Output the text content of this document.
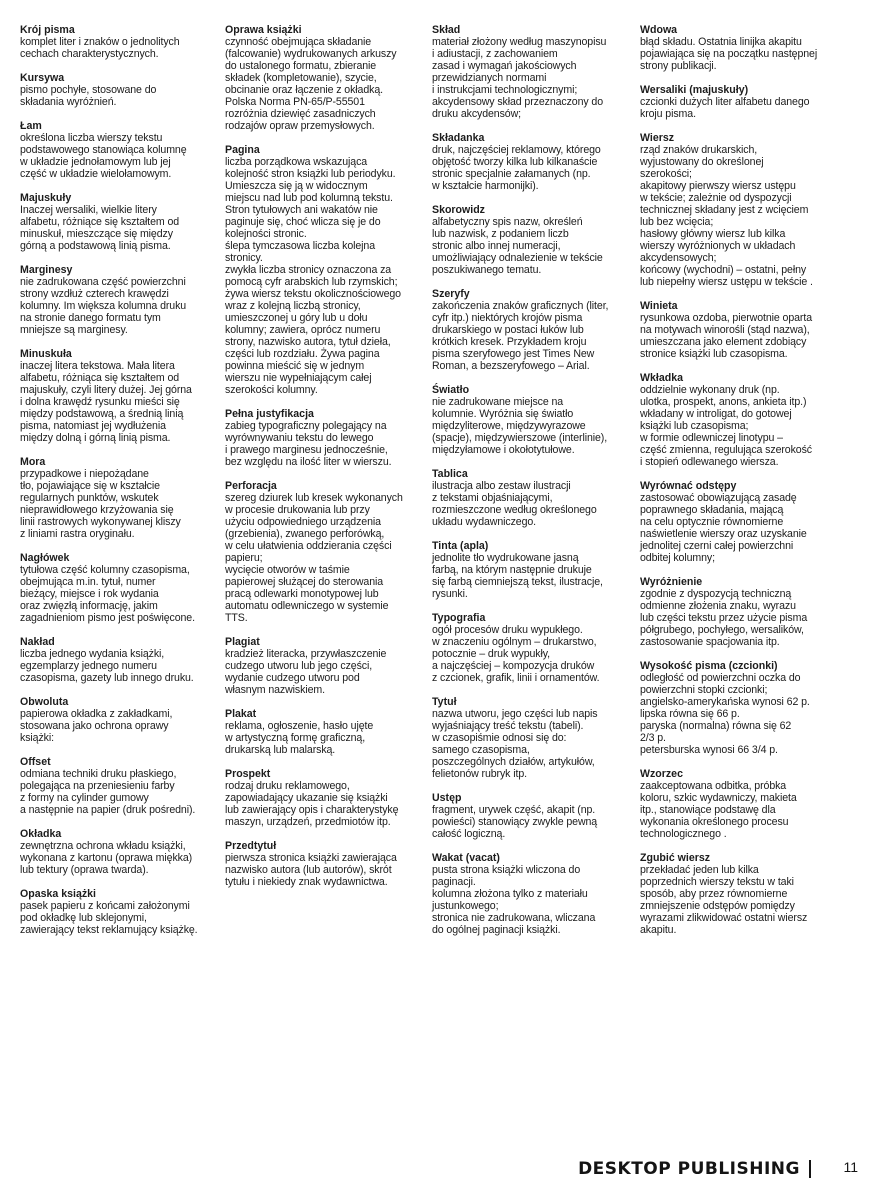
Krój pisma

komplet liter i znaków o jednolitych
cechach charakterystycznych.

Kursywa

pismo pochyłe, stosowane do
składania wyróżnień.

Łam

określona liczba wierszy tekstu
podstawowego stanowiąca kolumnę
w układzie jednołamowym lub jej
część w układzie wielołamowym.

Majuskuły

Inaczej wersaliki, wielkie litery
alfabetu, różniące się kształtem od
minuskuł, mieszczące się między
górną a podstawową linią pisma.

Marginesy

nie zadrukowana część powierzchni
strony wzdłuż czterech krawędzi
kolumny. Im większa kolumna druku
na stronie danego formatu tym
mniejsze są marginesy.

Minuskuła

inaczej litera tekstowa. Mała litera
alfabetu, różniąca się kształtem od
majuskuły, czyli litery dużej. Jej górna
i dolna krawędź rysunku mieści się
między podstawową, a średnią linią
pisma, natomiast jej wydłużenia
między dolną i górną linią pisma.

Mora

przypadkowe i niepożądane
tło, pojawiające się w kształcie
regularnych punktów, wskutek
nieprawidłowego krzyżowania się
linii rastrowych wykonywanej kliszy
z liniami rastra oryginału.

Nagłówek

tytułowa część kolumny czasopisma,
obejmująca m.in. tytuł, numer
bieżący, miejsce i rok wydania
oraz zwięzłą informację, jakim
zagadnieniom pismo jest poświęcone.

Nakład

liczba jednego wydania książki,
egzemplarzy jednego numeru
czasopisma, gazety lub innego druku.

Obwoluta

papierowa okładka z zakładkami,
stosowana jako ochrona oprawy
książki:

Offset

odmiana techniki druku płaskiego,
polegająca na przeniesieniu farby
z formy na cylinder gumowy
a następnie na papier (druk pośredni).

Okładka

zewnętrzna ochrona wkładu książki,
wykonana z kartonu (oprawa miękka)
lub tektury (oprawa twarda).

Opaska książki

pasek papieru z końcami założonymi
pod okładkę lub sklejonymi,
zawierający tekst reklamujący książkę.

Oprawa książki

czynność obejmująca składanie
(falcowanie) wydrukowanych arkuszy
do ustalonego formatu, zbieranie
składek (kompletowanie), szycie,
obcinanie oraz łączenie z okładką.
Polska Norma PN-65/P-55501
rozróżnia dziewięć zasadniczych
rodzajów opraw przemysłowych.

Pagina

liczba porządkowa wskazująca
kolejność stron książki lub periodyku.
Umieszcza się ją w widocznym
miejscu nad lub pod kolumną tekstu.
Stron tytułowych ani wakatów nie
paginuje się, choć wlicza się je do
kolejności stronic.
ślepa tymczasowa liczba kolejna
stronicy.
zwykła liczba stronicy oznaczona za
pomocą cyfr arabskich lub rzymskich;
żywa wiersz tekstu okolicznościowego
wraz z kolejną liczbą stronicy,
umieszczonej u góry lub u dołu
kolumny; zawiera, oprócz numeru
strony, nazwisko autora, tytuł dzieła,
części lub rozdziału. Żywa pagina
powinna mieścić się w jednym
wierszu nie wypełniającym całej
szerokości kolumny.

Pełna justyfikacja

zabieg typograficzny polegający na
wyrównywaniu tekstu do lewego
i prawego marginesu jednocześnie,
bez względu na ilość liter w wierszu.

Perforacja

szereg dziurek lub kresek wykonanych
w procesie drukowania lub przy
użyciu odpowiedniego urządzenia
(grzebienia), zwanego perforówką,
w celu ułatwienia oddzierania części
papieru;
wycięcie otworów w taśmie
papierowej służącej do sterowania
pracą odlewarki monotypowej lub
automatu odlewniczego w systemie
TTS.

Plagiat

kradzież literacka, przywłaszczenie
cudzego utworu lub jego części,
wydanie cudzego utworu pod
własnym nazwiskiem.

Plakat

reklama, ogłoszenie, hasło ujęte
w artystyczną formę graficzną,
drukarską lub malarską.

Prospekt

rodzaj druku reklamowego,
zapowiadający ukazanie się książki
lub zawierający opis i charakterystykę
maszyn, urządzeń, przedmiotów itp.

Przedtytuł

pierwsza stronica książki zawierająca
nazwisko autora (lub autorów), skrót
tytułu i niekiedy znak wydawnictwa.

Skład

materiał złożony według maszynopisu
i adiustacji, z zachowaniem
zasad i wymagań jakościowych
przewidzianych normami
i instrukcjami technologicznymi;
akcydensowy skład przeznaczony do
druku akcydensów;

Składanka

druk, najczęściej reklamowy, którego
objętość tworzy kilka lub kilkanaście
stronic specjalnie załamanych (np.
w kształcie harmonijki).

Skorowidz

alfabetyczny spis nazw, określeń
lub nazwisk, z podaniem liczb
stronic albo innej numeracji,
umożliwiający odnalezienie w tekście
poszukiwanego tematu.

Szeryfy

zakończenia znaków graficznych (liter,
cyfr itp.) niektórych krojów pisma
drukarskiego w postaci łuków lub
krótkich kresek. Przykładem kroju
pisma szeryfowego jest Times New
Roman, a bezszeryfowego – Arial.

Światło

nie zadrukowane miejsce na
kolumnie. Wyróżnia się światło
międzyliterowe, międzywyrazowe
(spacje), międzywierszowe (interlinie),
międzyłamowe i okołotytułowe.

Tablica

ilustracja albo zestaw ilustracji
z tekstami objaśniającymi,
rozmieszczone według określonego
układu wydawniczego.

Tinta (apla)

jednolite tło wydrukowane jasną
farbą, na którym następnie drukuje
się farbą ciemniejszą tekst, ilustracje,
rysunki.

Typografia

ogół procesów druku wypukłego.
w znaczeniu ogólnym – drukarstwo,
potocznie – druk wypukły,
a najczęściej – kompozycja druków
z czcionek, grafik, linii i ornamentów.

Tytuł

nazwa utworu, jego części lub napis
wyjaśniający treść tekstu (tabeli).
w czasopiśmie odnosi się do:
samego czasopisma,
poszczególnych działów, artykułów,
felietonów rubryk itp.

Ustęp

fragment, urywek część, akapit (np.
powieści) stanowiący zwykle pewną
całość logiczną.

Wakat (vacat)

pusta strona książki wliczona do
paginacji.
kolumna złożona tylko z materiału
justunkowego;
stronica nie zadrukowana, wliczana
do ogólnej paginacji książki.

Wdowa

błąd składu. Ostatnia linijka akapitu
pojawiająca się na początku następnej
strony publikacji.

Wersaliki (majuskuły)

czcionki dużych liter alfabetu danego
kroju pisma.

Wiersz

rząd znaków drukarskich,
wyjustowany do określonej
szerokości;
akapitowy pierwszy wiersz ustępu
w tekście; zależnie od dyspozycji
technicznej składany jest z wcięciem
lub bez wcięcia;
hasłowy główny wiersz lub kilka
wierszy wyróżnionych w układach
akcydensowych;
końcowy (wychodni) – ostatni, pełny
lub niepełny wiersz ustępu w tekście .

Winieta

rysunkowa ozdoba, pierwotnie oparta
na motywach winorośli (stąd nazwa),
umieszczana jako element zdobiący
stronice książki lub czasopisma.

Wkładka

oddzielnie wykonany druk (np.
ulotka, prospekt, anons, ankieta itp.)
wkładany w introligat, do gotowej
książki lub czasopisma;
w formie odlewniczej linotypu –
część zmienna, regulująca szerokość
i stopień odlewanego wiersza.

Wyrównać odstępy

zastosować obowiązującą zasadę
poprawnego składania, mającą
na celu optycznie równomierne
naświetlenie wierszy oraz uzyskanie
jednolitej czerni całej powierzchni
odbitej kolumny;

Wyróżnienie

zgodnie z dyspozycją techniczną
odmienne złożenia znaku, wyrazu
lub części tekstu przez użycie pisma
półgrubego, pochyłego, wersalików,
zastosowanie spacjowania itp.

Wysokość pisma (czcionki)

odległość od powierzchni oczka do
powierzchni stopki czcionki;
angielsko-amerykańska wynosi 62 p.
lipska równa się 66 p.
paryska (normalna) równa się 62
2/3 p.
petersburska wynosi 66 3/4 p.

Wzorzec

zaakceptowana odbitka, próbka
koloru, szkic wydawniczy, makieta
itp., stanowiące podstawę dla
wykonania określonego procesu
technologicznego .

Zgubić wiersz

przekładać jeden lub kilka
poprzednich wierszy tekstu w taki
sposób, aby przez równomierne
zmniejszenie odstępów pomiędzy
wyrazami zlikwidować ostatni wiersz
akapitu.

DESKTOP PUBLISHING	11
